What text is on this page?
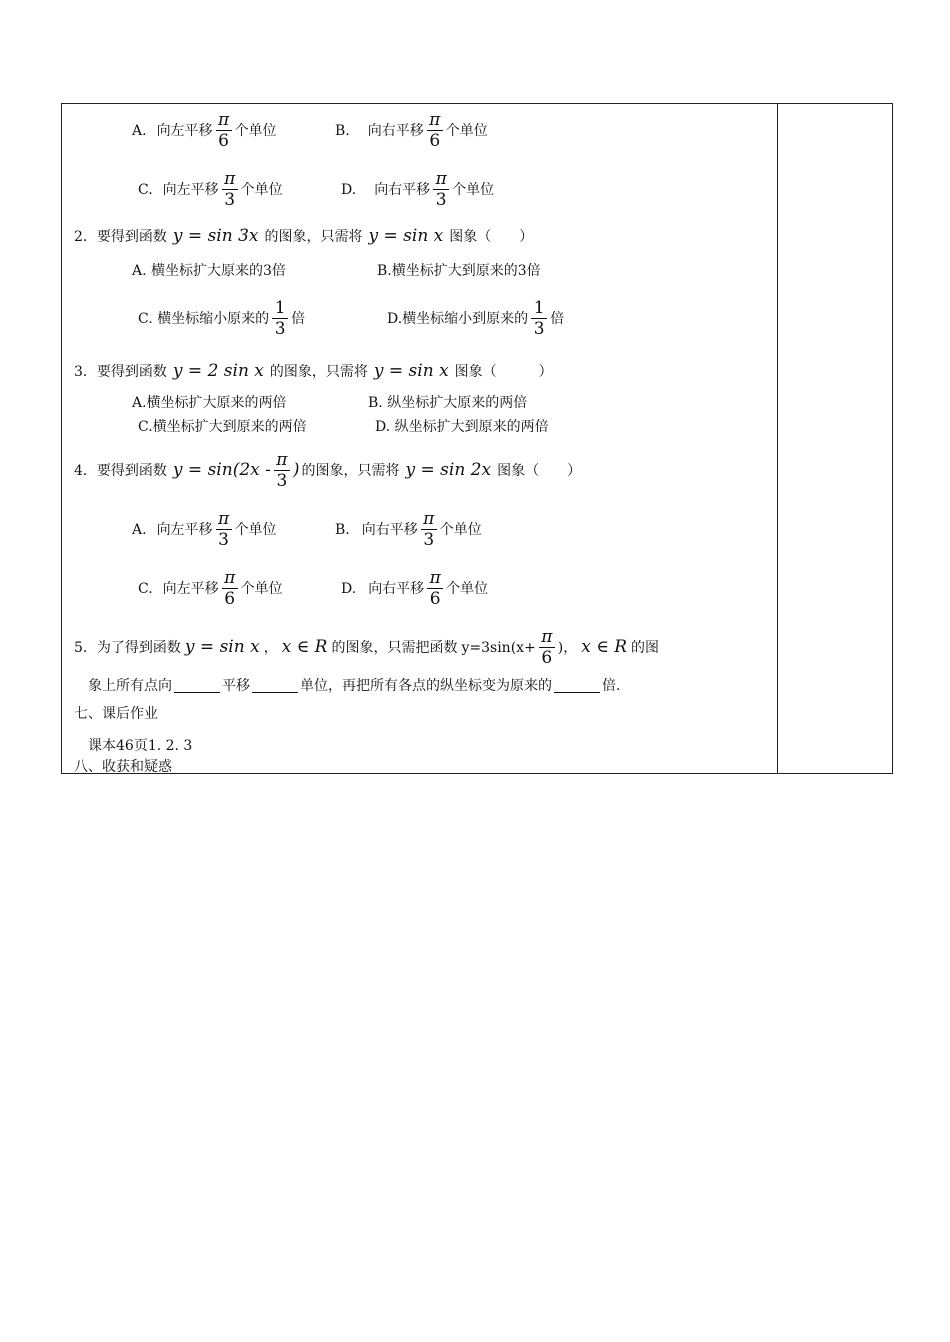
A. 向左平移 $\frac{\pi}{6}$ 个单位	B. 向右平移 $\frac{\pi}{6}$ 个单位
C. 向左平移 $\frac{\pi}{3}$ 个单位	D. 向右平移 $\frac{\pi}{3}$ 个单位
2．要得到函数 y = sin 3x 的图象，只需将 y = sin x 图象（　　）
A. 横坐标扩大原来的3倍	B.横坐标扩大到原来的3倍
C. 横坐标缩小原来的 $\frac{1}{3}$ 倍	D.横坐标缩小到原来的 $\frac{1}{3}$ 倍
3．要得到函数 y = 2 sin x 的图象，只需将 y = sin x 图象（　　　）
A.横坐标扩大原来的两倍	B. 纵坐标扩大原来的两倍
C.横坐标扩大到原来的两倍	D. 纵坐标扩大到原来的两倍
4．要得到函数 $y = \sin(2x - \frac{\pi}{3}$ ) 的图象，只需将 y = sin 2x 图象（　　）
A. 向左平移 $\frac{\pi}{3}$ 个单位	B. 向右平移 $\frac{\pi}{3}$ 个单位
C. 向左平移 $\frac{\pi}{6}$ 个单位	D. 向右平移 $\frac{\pi}{6}$ 个单位
5．为了得到函数 y = sin x ， x ∈ R 的图象，只需把函数 $y=3\sin(x+ \frac{\pi}{6}$ )， x ∈ R 的图
象上所有点向	平移	单位，再把所有各点的纵坐标变为原来的	倍.
七、课后作业
课本46页1. 2. 3
八、收获和疑惑
